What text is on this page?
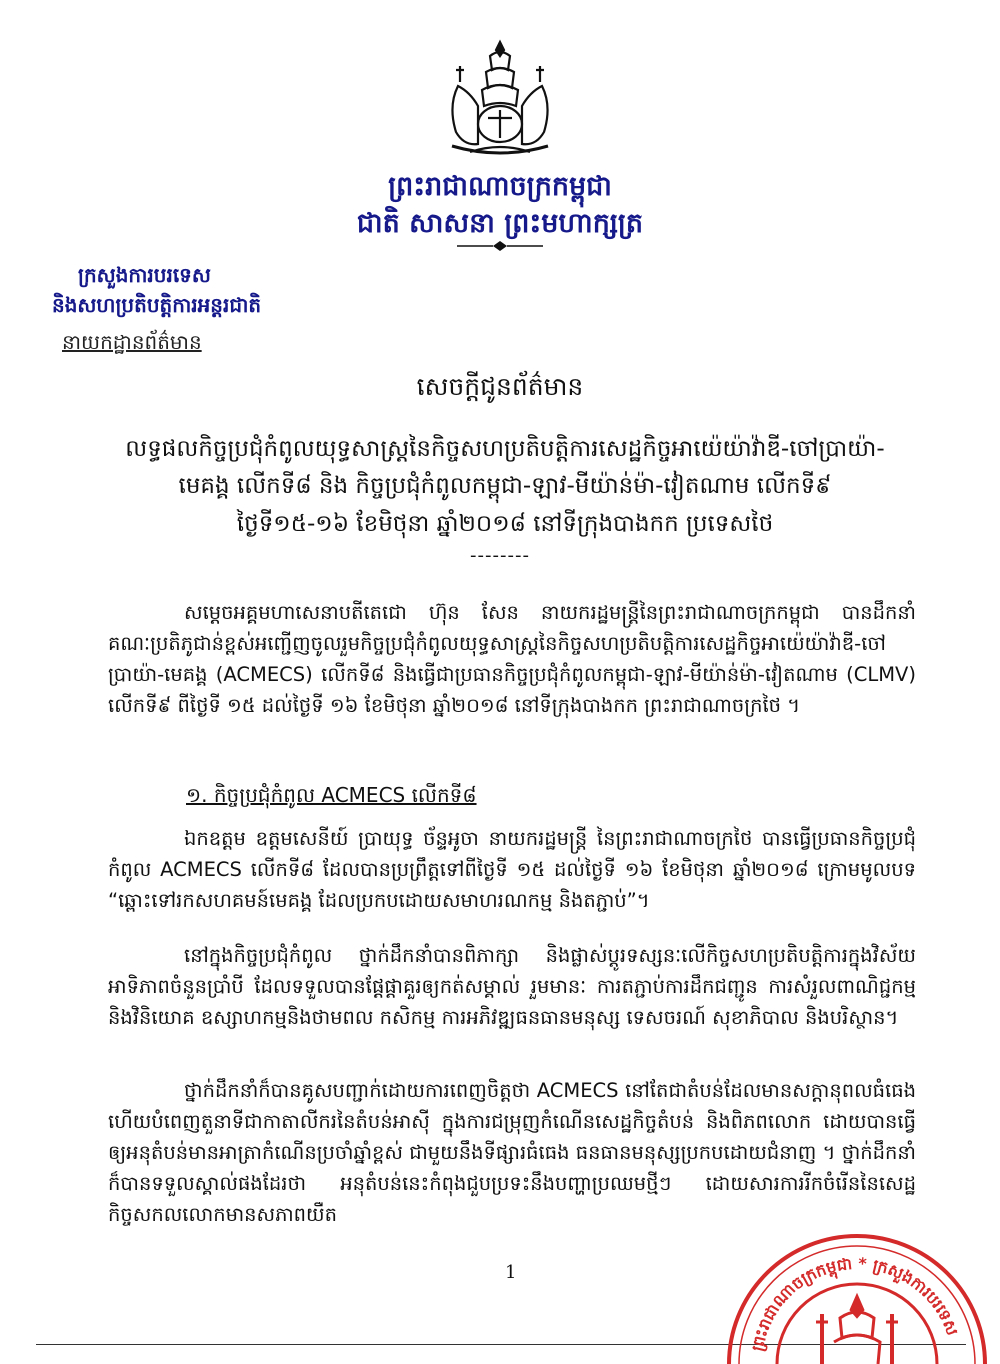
ព្រះរាជាណាចក្រកម្ពុជា
ជាតិ សាសនា ព្រះមហាក្សត្រ
ក្រសួងការបរទេស
និងសហប្រតិបត្តិការអន្តរជាតិ
នាយកដ្ឋានព័ត៌មាន
សេចក្តីជូនព័ត៌មាន
លទ្ធផលកិច្ចប្រជុំកំពូលយុទ្ធសាស្ត្រនៃកិច្ចសហប្រតិបត្តិការសេដ្ឋកិច្ចអាយ៉េយ៉ាវ៉ាឌី-ចៅប្រាយ៉ា-
មេគង្គ លើកទី៨ និង កិច្ចប្រជុំកំពូលកម្ពុជា-ឡាវ-មីយ៉ាន់ម៉ា-វៀតណាម លើកទី៩
ថ្ងៃទី១៥-១៦ ខែមិថុនា ឆ្នាំ២០១៨ នៅទីក្រុងបាងកក ប្រទេសថៃ
--------
សម្តេចអគ្គមហាសេនាបតីតេជោ ហ៊ុន សែន នាយករដ្ឋមន្ត្រីនៃព្រះរាជាណាចក្រកម្ពុជា បានដឹកនាំគណៈប្រតិភូជាន់ខ្ពស់អញ្ជើញចូលរួមកិច្ចប្រជុំកំពូលយុទ្ធសាស្ត្រនៃកិច្ចសហប្រតិបត្តិការសេដ្ឋកិច្ចអាយ៉េយ៉ាវ៉ាឌី-ចៅប្រាយ៉ា-មេគង្គ (ACMECS) លើកទី៨ និងធ្វើជាប្រធានកិច្ចប្រជុំកំពូលកម្ពុជា-ឡាវ-មីយ៉ាន់ម៉ា-វៀតណាម (CLMV) លើកទី៩ ពីថ្ងៃទី ១៥ ដល់ថ្ងៃទី ១៦ ខែមិថុនា ឆ្នាំ២០១៨ នៅទីក្រុងបាងកក ព្រះរាជាណាចក្រថៃ ។
១. កិច្ចប្រជុំកំពូល ACMECS លើកទី៨
ឯកឧត្តម ឧត្តមសេនីយ៍ ប្រាយុទ្ធ ច័ន្ទអូចា នាយករដ្ឋមន្ត្រី នៃព្រះរាជាណាចក្រថៃ បានធ្វើប្រធានកិច្ចប្រជុំកំពូល ACMECS លើកទី៨ ដែលបានប្រព្រឹត្តទៅពីថ្ងៃទី ១៥ ដល់ថ្ងៃទី ១៦ ខែមិថុនា ឆ្នាំ២០១៨ ក្រោមមូលបទ “ឆ្ពោះទៅរកសហគមន៍មេគង្គ ដែលប្រកបដោយសមាហរណកម្ម និងតភ្ជាប់”។
នៅក្នុងកិច្ចប្រជុំកំពូល ថ្នាក់ដឹកនាំបានពិភាក្សា និងផ្លាស់ប្តូរទស្សនៈលើកិច្ចសហប្រតិបត្តិការក្នុងវិស័យអាទិភាពចំនួនប្រាំបី ដែលទទួលបានផ្តែផ្តាគួរឲ្យកត់សម្គាល់ រួមមានៈ ការតភ្ជាប់ការដឹកជញ្ជូន ការសំរួលពាណិជ្ជកម្មនិងវិនិយោគ ឧស្សាហកម្មនិងថាមពល កសិកម្ម ការអភិវឌ្ឍធនធានមនុស្ស ទេសចរណ៍ សុខាភិបាល និងបរិស្ថាន។
ថ្នាក់ដឹកនាំក៏បានគូសបញ្ជាក់ដោយការពេញចិត្តថា ACMECS នៅតែជាតំបន់ដែលមានសក្តានុពលធំធេង ហើយបំពេញតួនាទីជាកាតាលីករនៃតំបន់អាស៊ី ក្នុងការជម្រុញកំណើនសេដ្ឋកិច្ចតំបន់ និងពិភពលោក ដោយបានធ្វើឲ្យអនុតំបន់មានអាត្រាកំណើនប្រចាំឆ្នាំខ្ពស់ ជាមួយនឹងទីផ្សារធំធេង ធនធានមនុស្សប្រកបដោយជំនាញ ។ ថ្នាក់ដឹកនាំក៏បានទទួលស្គាល់ផងដែរថា អនុតំបន់នេះកំពុងជួបប្រទះនឹងបញ្ហាប្រឈមថ្មីៗ ដោយសារការរីកចំរើននៃសេដ្ឋកិច្ចសកលលោកមានសភាពយឺត
1
ព្រះរាជាណាចក្រកម្ពុជា * ក្រសួងការបរទេស
